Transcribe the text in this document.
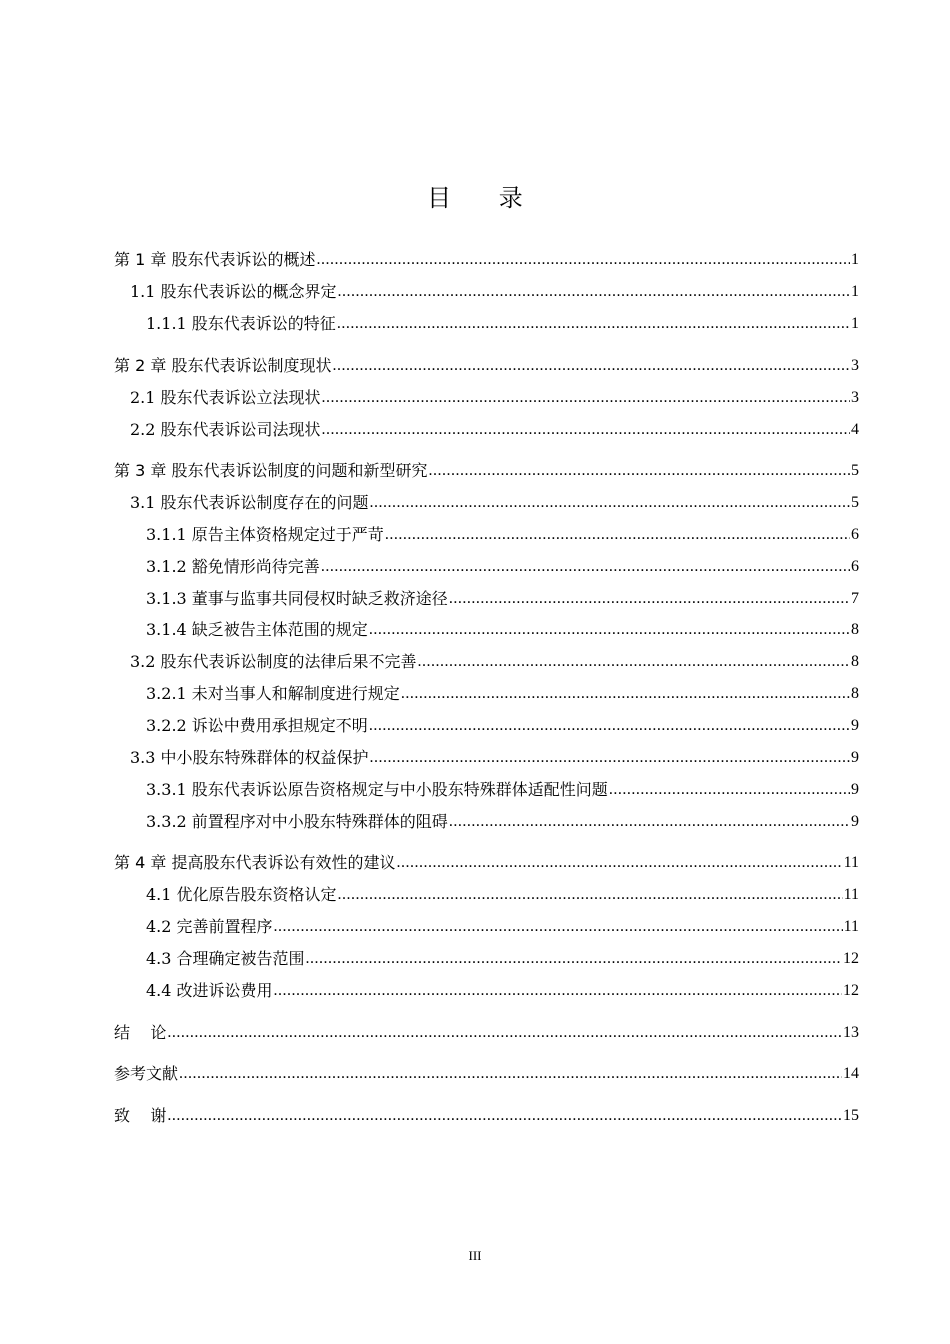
目 录
第 1 章 股东代表诉讼的概述 .....	1
1.1 股东代表诉讼的概念界定 .....	1
1.1.1 股东代表诉讼的特征 .....	1
第 2 章 股东代表诉讼制度现状 .....	3
2.1 股东代表诉讼立法现状 .....	3
2.2 股东代表诉讼司法现状 .....	4
第 3 章 股东代表诉讼制度的问题和新型研究 .....	5
3.1 股东代表诉讼制度存在的问题 .....	5
3.1.1 原告主体资格规定过于严苛 .....	6
3.1.2 豁免情形尚待完善 .....	6
3.1.3 董事与监事共同侵权时缺乏救济途径 .....	7
3.1.4 缺乏被告主体范围的规定 .....	8
3.2 股东代表诉讼制度的法律后果不完善 .....	8
3.2.1 未对当事人和解制度进行规定 .....	8
3.2.2 诉讼中费用承担规定不明 .....	9
3.3 中小股东特殊群体的权益保护 .....	9
3.3.1 股东代表诉讼原告资格规定与中小股东特殊群体适配性问题 .....	9
3.3.2 前置程序对中小股东特殊群体的阻碍 .....	9
第 4 章 提高股东代表诉讼有效性的建议 .....	11
4.1 优化原告股东资格认定 .....	11
4.2 完善前置程序 .....	11
4.3 合理确定被告范围 .....	12
4.4 改进诉讼费用 .....	12
结    论 .....	13
参考文献 .....	14
致    谢 .....	15
III
